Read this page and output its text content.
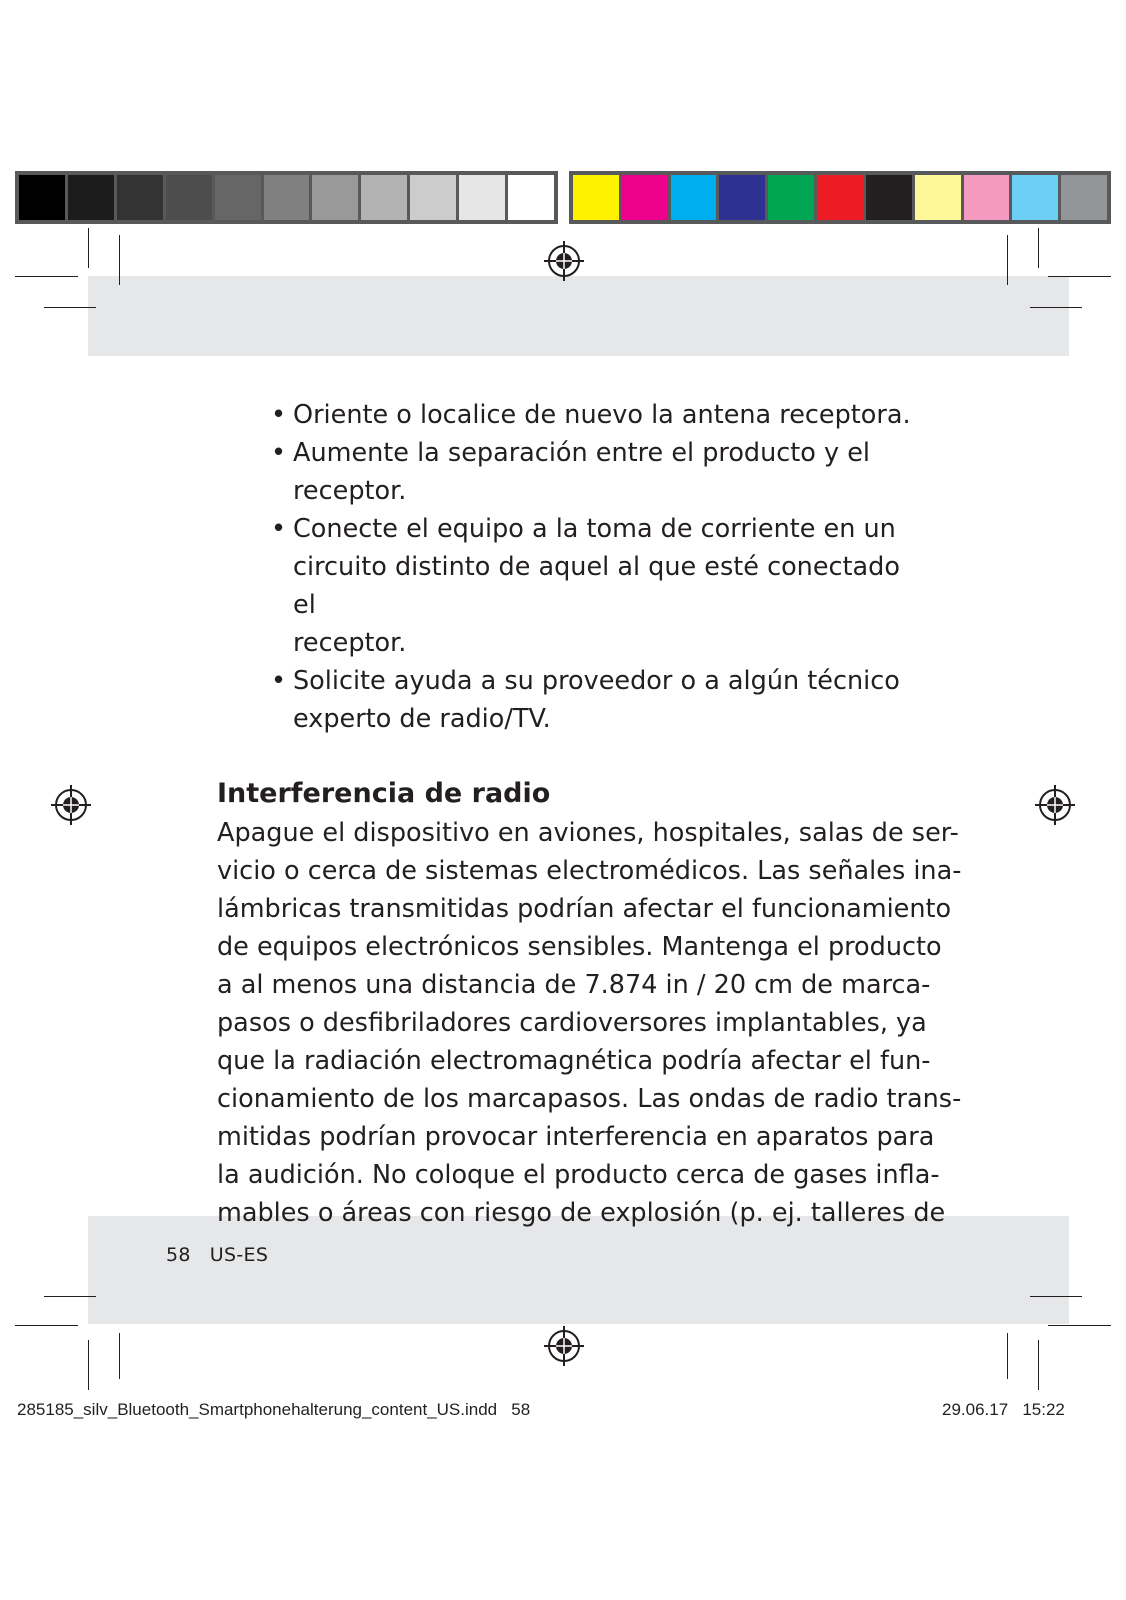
• Oriente o localice de nuevo la antena receptora.
• Aumente la separación entre el producto y el
receptor.
• Conecte el equipo a la toma de corriente en un
circuito distinto de aquel al que esté conectado el
receptor.
• Solicite ayuda a su proveedor o a algún técnico
experto de radio/TV.
Interferencia de radio

Apague el dispositivo en aviones, hospitales, salas de ser-
vicio o cerca de sistemas electromédicos. Las señales ina-
lámbricas transmitidas podrían afectar el funcionamiento
de equipos electrónicos sensibles. Mantenga el producto
a al menos una distancia de 7.874 in / 20 cm de marca-
pasos o desfibriladores cardioversores implantables, ya
que la radiación electromagnética podría afectar el fun-
cionamiento de los marcapasos. Las ondas de radio trans-
mitidas podrían provocar interferencia en aparatos para
la audición. No coloque el producto cerca de gases infla-
mables o áreas con riesgo de explosión (p. ej. talleres de

58   US-ES
285185_silv_Bluetooth_Smartphonehalterung_content_US.indd   58	29.06.17   15:22
